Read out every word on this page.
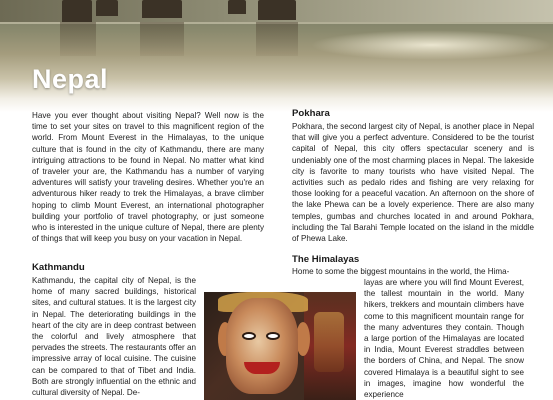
Nepal

Have you ever thought about visiting Nepal? Well now is the time to set your sites on travel to this magnificent region of the world. From Mount Everest in the Himalayas, to the unique culture that is found in the city of Kathmandu, there are many intriguing attractions to be found in Nepal. No matter what kind of traveler your are, the Kathmandu has a number of varying adventures will satisfy your traveling desires. Whether you're an adventurous hiker ready to trek the Himalayas, a brave climber hoping to climb Mount Everest, an international photographer building your portfolio of travel photography, or just someone who is interested in the unique culture of Nepal, there are plenty of things that will keep you busy on your vacation in Nepal.

Pokhara

Pokhara, the second largest city of Nepal, is another place in Nepal that will give you a perfect adventure. Considered to be the tourist capital of Nepal, this city offers spectacular scenery and is undeniably one of the most charming places in Nepal. The lakeside city is favorite to many tourists who have visited Nepal. The activities such as pedalo rides and fishing are very relaxing for those looking for a peaceful vacation. An afternoon on the shore of the lake Phewa can be a lovely experience. There are also many temples, gumbas and churches located in and around Pokhara, including the Tal Barahi Temple located on the island in the middle of Phewa Lake.

Kathmandu
Kathmandu, the capital city of Nepal, is the home of many sacred buildings, historical sites, and cultural statues. It is the largest city in Nepal. The deteriorating buildings in the heart of the city are in deep contrast between the colorful and lively atmosphere that pervades the streets. The restaurants offer an impressive array of local cuisine. The cuisine can be compared to that of Tibet and India. Both are strongly influential on the ethnic and cultural diversity of Nepal. De-
The Himalayas
Home to some the biggest mountains in the world, the Hima-
layas are where you will find Mount Everest, the tallest mountain in the world. Many hikers, trekkers and mountain climbers have come to this magnificent mountain range for the many adventures they contain. Though a large portion of the Himalayas are located in India, Mount Everest straddles between the borders of China, and Nepal. The snow covered Himalaya is a beautiful sight to see in images, imagine how wonderful the experience
